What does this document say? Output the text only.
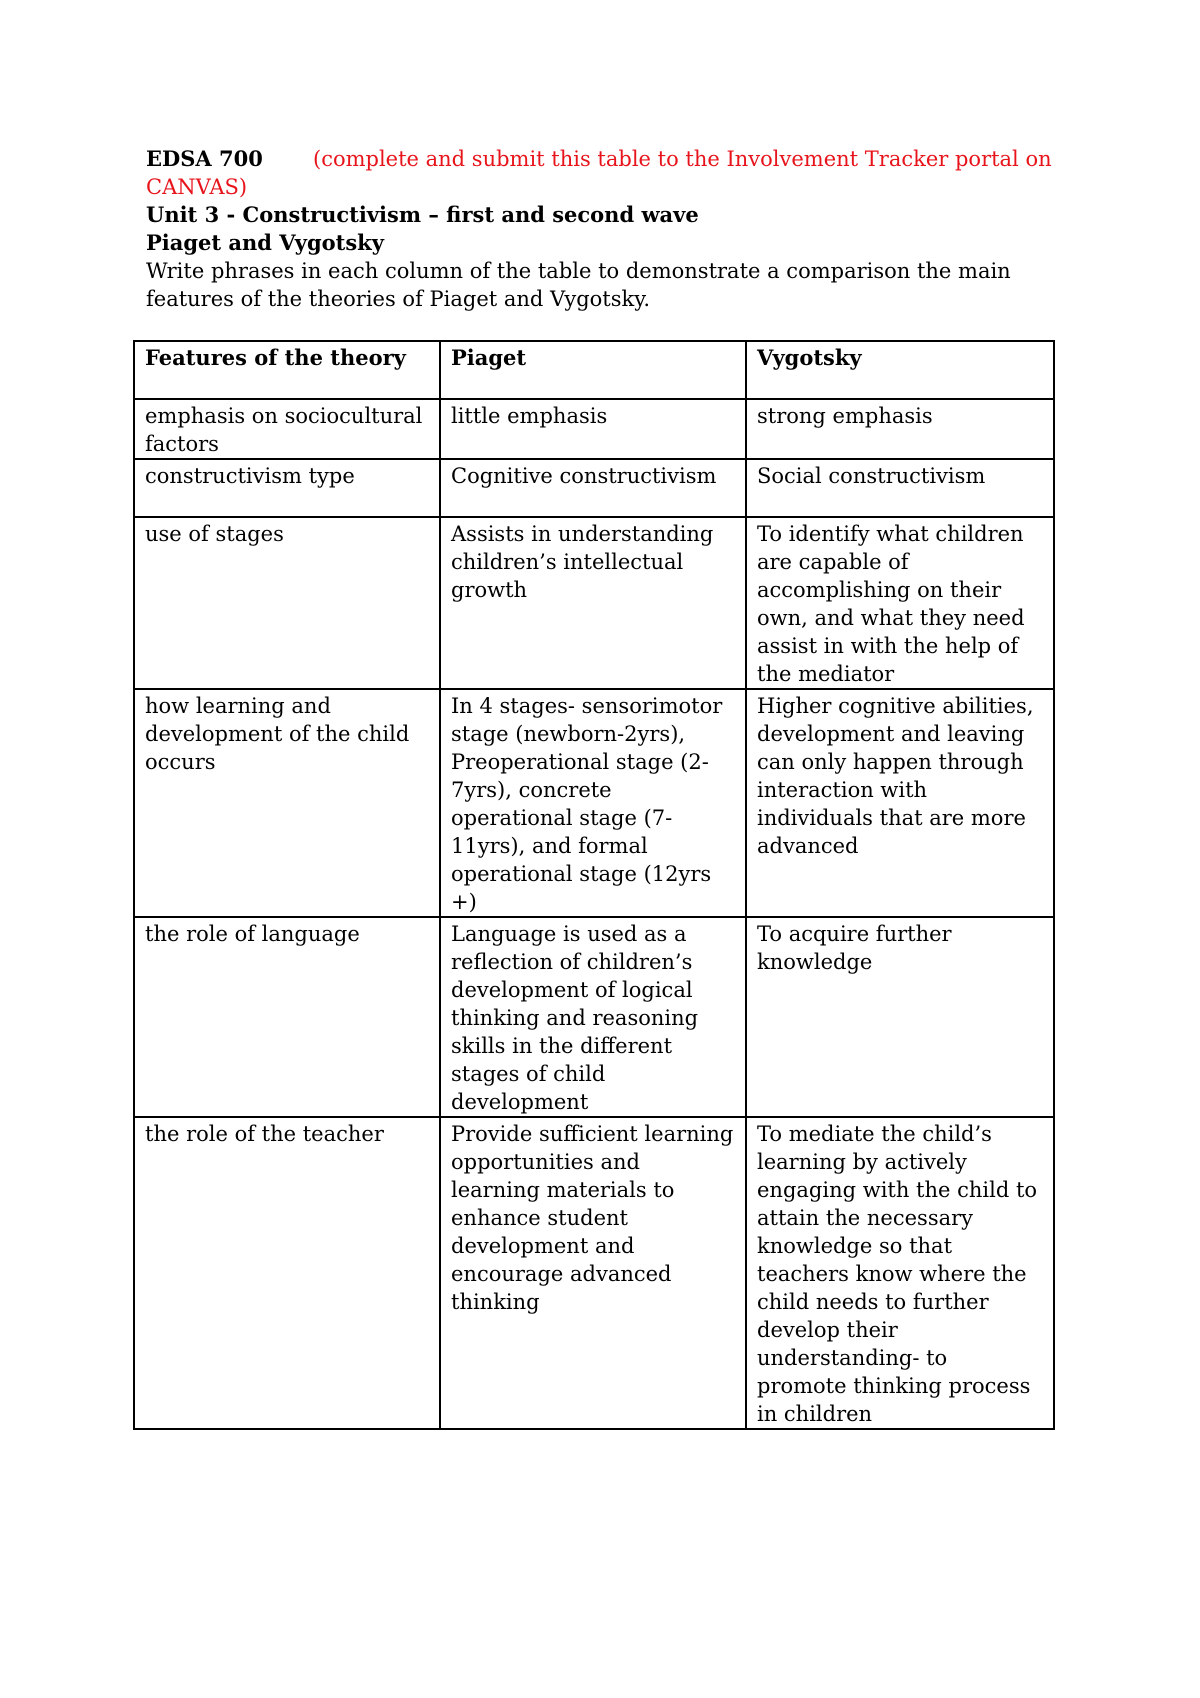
EDSA 700 (complete and submit this table to the Involvement Tracker portal on CANVAS)

Unit 3 - Constructivism – first and second wave

Piaget and Vygotsky

Write phrases in each column of the table to demonstrate a comparison the main features of the theories of Piaget and Vygotsky.

Features of the theory	Piaget	Vygotsky
emphasis on sociocultural factors	little emphasis	strong emphasis
constructivism type	Cognitive constructivism	Social constructivism
use of stages	Assists in understanding children’s intellectual growth	To identify what children are capable of accomplishing on their own, and what they need assist in with the help of the mediator
how learning and development of the child occurs	In 4 stages- sensorimotor stage (newborn-2yrs), Preoperational stage (2-7yrs), concrete operational stage (7-11yrs), and formal operational stage (12yrs +)	Higher cognitive abilities, development and leaving can only happen through interaction with individuals that are more advanced
the role of language	Language is used as a reflection of children’s development of logical thinking and reasoning skills in the different stages of child development	To acquire further knowledge
the role of the teacher	Provide sufficient learning opportunities and learning materials to enhance student development and encourage advanced thinking	To mediate the child’s learning by actively engaging with the child to attain the necessary knowledge so that teachers know where the child needs to further develop their understanding- to promote thinking process in children
